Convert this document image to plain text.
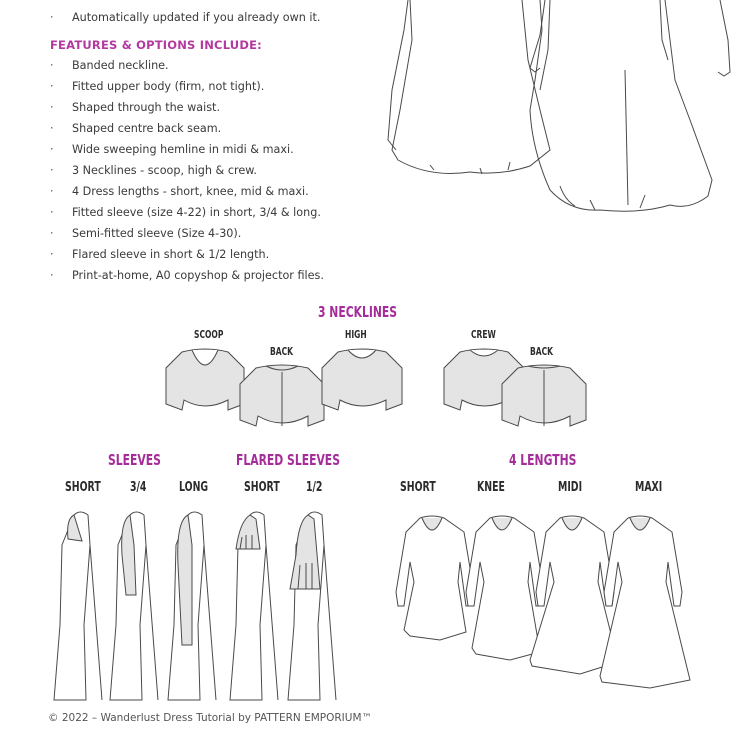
· Automatically updated if you already own it.
FEATURES & OPTIONS INCLUDE:
3 NECKLINES
SCOOP
BACK
HIGH	CREW
BACK
SLEEVES
SHORT 3/4	LONG
FLARED SLEEVES
SHORT 1/2
4 LENGTHS
SHORT	KNEE	MIDI	MAXI
© 2022 – Wanderlust Dress Tutorial by PATTERN EMPORIUM™
· Banded neckline.
· Fitted upper body (firm, not tight).
· Shaped through the waist.
· Shaped centre back seam.
· Wide sweeping hemline in midi & maxi.
· 3 Necklines - scoop, high & crew.
· 4 Dress lengths - short, knee, mid & maxi.
· Fitted sleeve (size 4-22) in short, 3/4 & long.
· Semi-fitted sleeve (Size 4-30).
· Flared sleeve in short & 1/2 length.
· Print-at-home, A0 copyshop & projector files.
